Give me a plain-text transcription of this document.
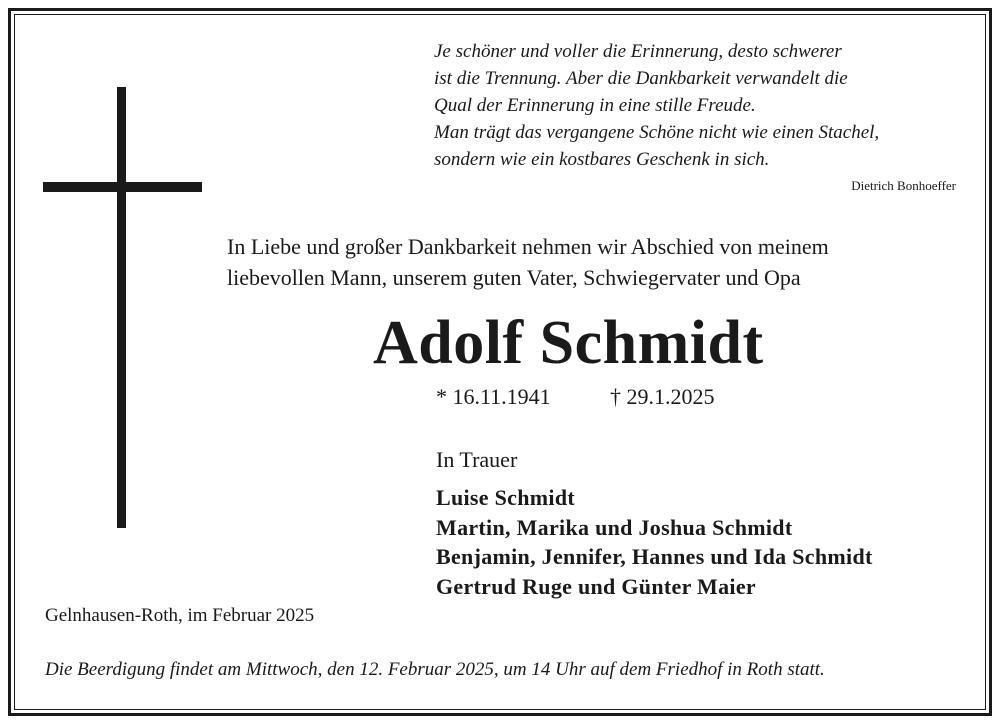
Je schöner und voller die Erinnerung, desto schwerer
ist die Trennung. Aber die Dankbarkeit verwandelt die
Qual der Erinnerung in eine stille Freude.
Man trägt das vergangene Schöne nicht wie einen Stachel,
sondern wie ein kostbares Geschenk in sich.
Dietrich Bonhoeffer
In Liebe und großer Dankbarkeit nehmen wir Abschied von meinem
liebevollen Mann, unserem guten Vater, Schwiegervater und Opa
Adolf Schmidt
* 16.11.1941	† 29.1.2025
In Trauer
Luise Schmidt
Martin, Marika und Joshua Schmidt
Benjamin, Jennifer, Hannes und Ida Schmidt
Gertrud Ruge und Günter Maier
Gelnhausen-Roth, im Februar 2025
Die Beerdigung findet am Mittwoch, den 12. Februar 2025, um 14 Uhr auf dem Friedhof in Roth statt.
